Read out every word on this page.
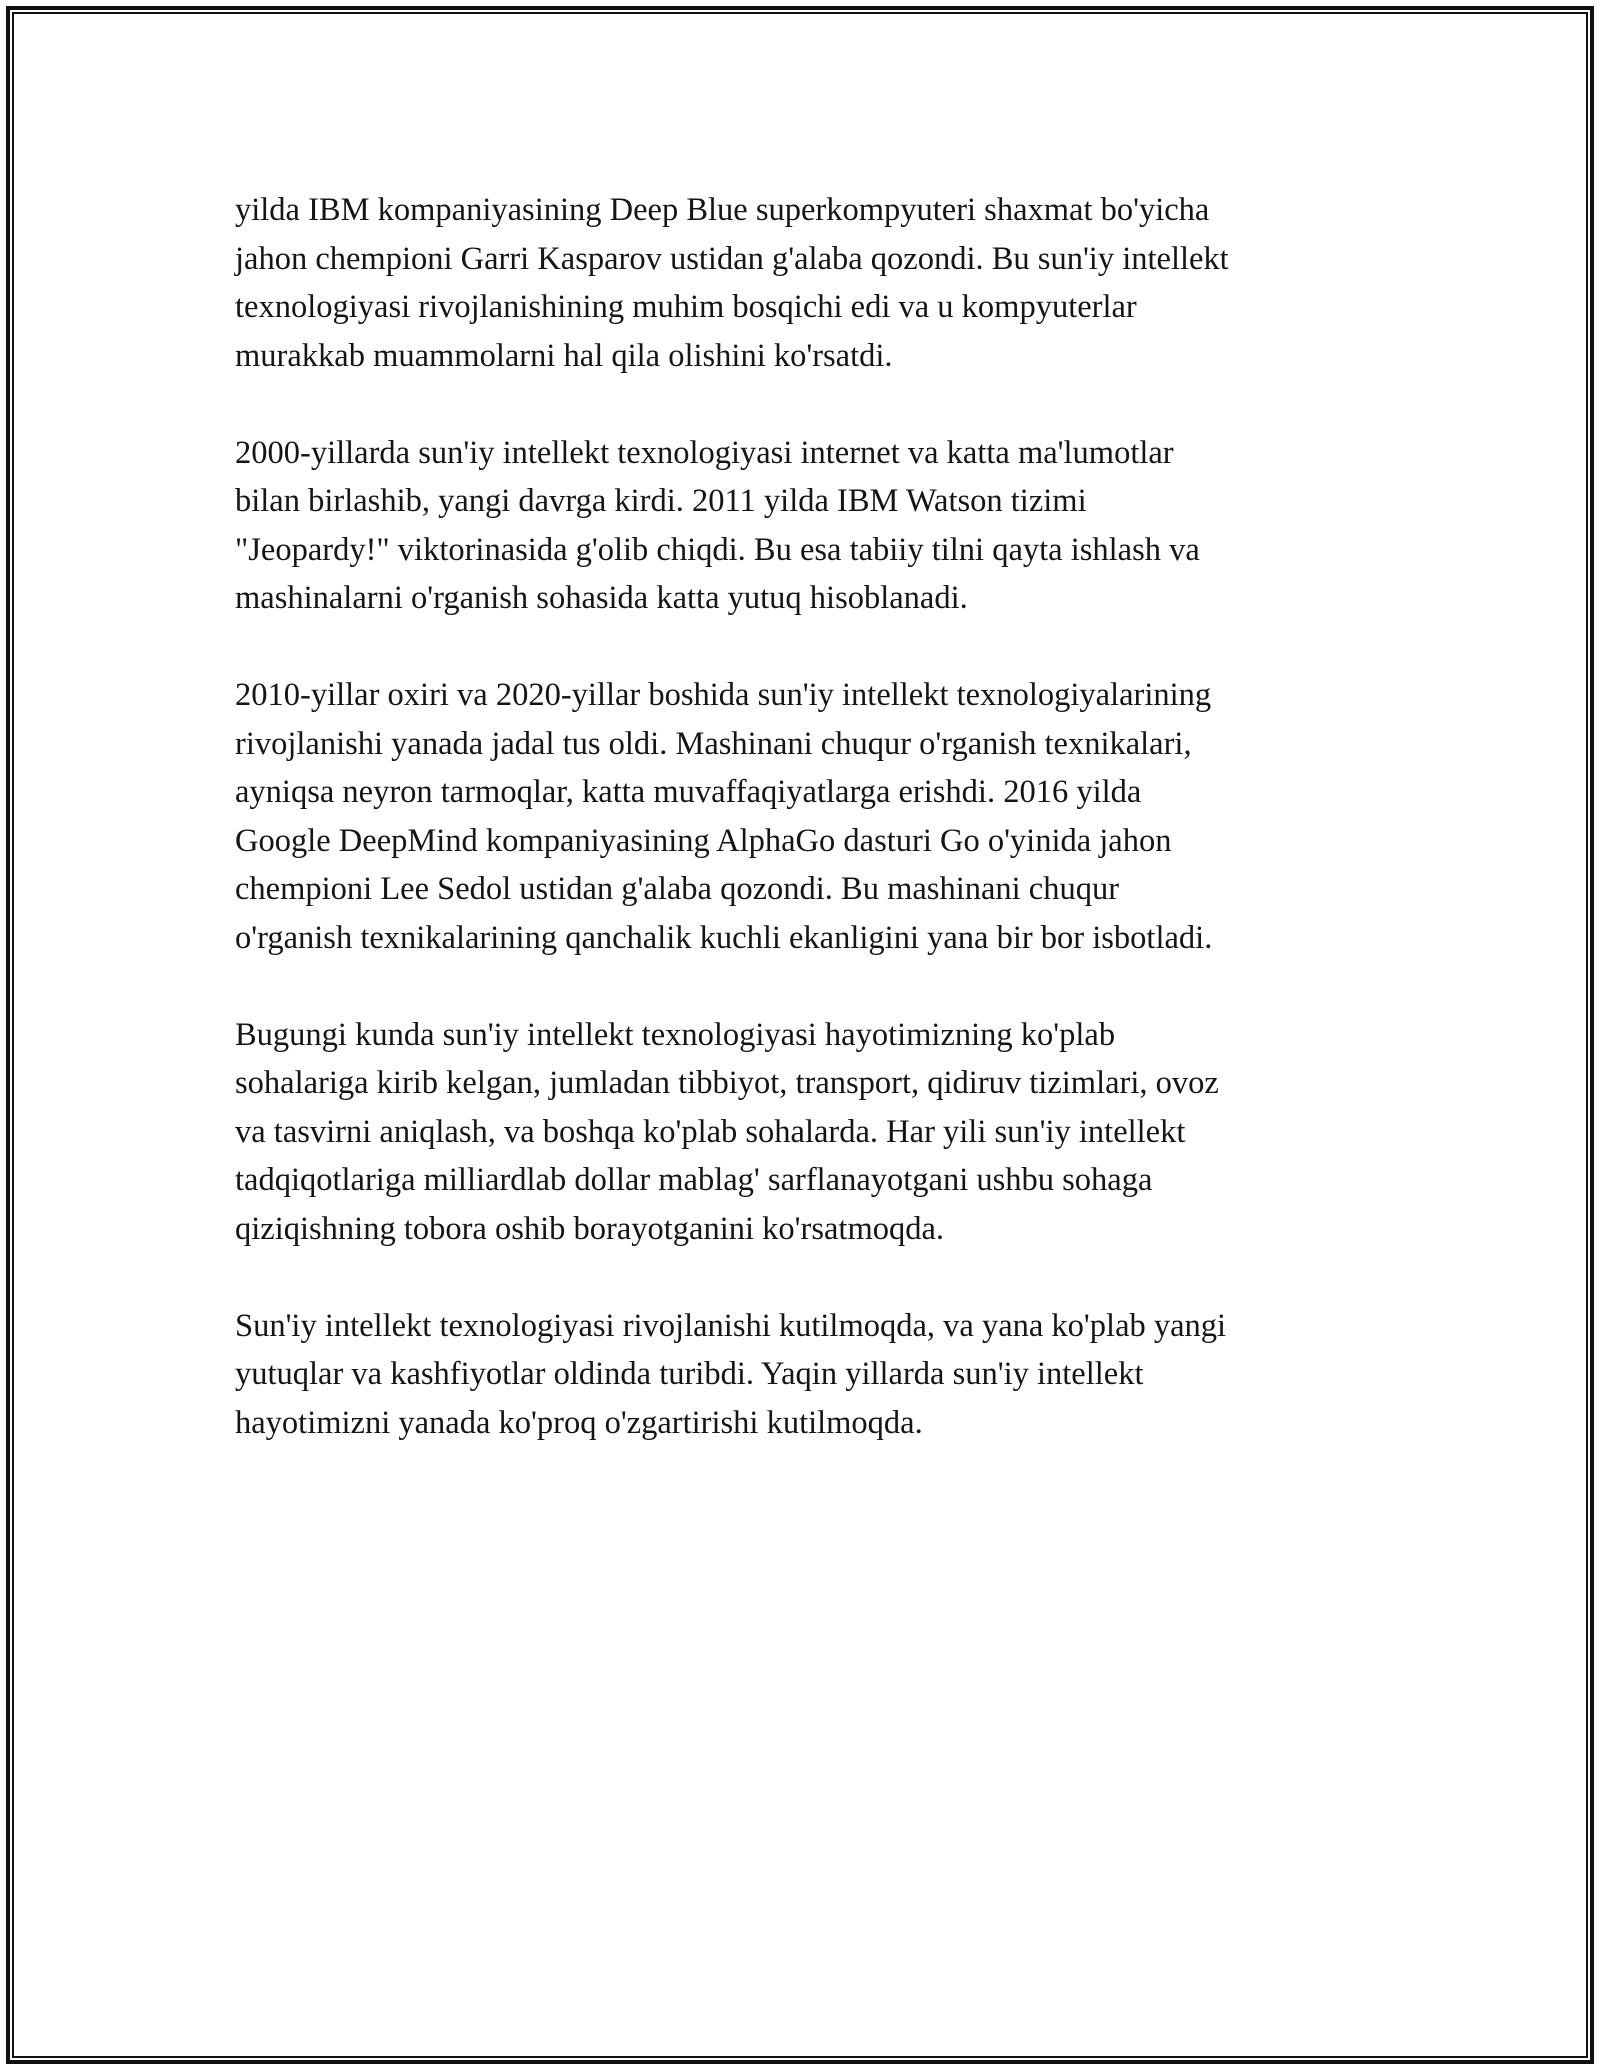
yilda IBM kompaniyasining Deep Blue superkompyuteri shaxmat bo'yicha
jahon chempioni Garri Kasparov ustidan g'alaba qozondi. Bu sun'iy intellekt
texnologiyasi rivojlanishining muhim bosqichi edi va u kompyuterlar
murakkab muammolarni hal qila olishini ko'rsatdi.

2000-yillarda sun'iy intellekt texnologiyasi internet va katta ma'lumotlar
bilan birlashib, yangi davrga kirdi. 2011 yilda IBM Watson tizimi
"Jeopardy!" viktorinasida g'olib chiqdi. Bu esa tabiiy tilni qayta ishlash va
mashinalarni o'rganish sohasida katta yutuq hisoblanadi.

2010-yillar oxiri va 2020-yillar boshida sun'iy intellekt texnologiyalarining
rivojlanishi yanada jadal tus oldi. Mashinani chuqur o'rganish texnikalari,
ayniqsa neyron tarmoqlar, katta muvaffaqiyatlarga erishdi. 2016 yilda
Google DeepMind kompaniyasining AlphaGo dasturi Go o'yinida jahon
chempioni Lee Sedol ustidan g'alaba qozondi. Bu mashinani chuqur
o'rganish texnikalarining qanchalik kuchli ekanligini yana bir bor isbotladi.

Bugungi kunda sun'iy intellekt texnologiyasi hayotimizning ko'plab
sohalariga kirib kelgan, jumladan tibbiyot, transport, qidiruv tizimlari, ovoz
va tasvirni aniqlash, va boshqa ko'plab sohalarda. Har yili sun'iy intellekt
tadqiqotlariga milliardlab dollar mablag' sarflanayotgani ushbu sohaga
qiziqishning tobora oshib borayotganini ko'rsatmoqda.

Sun'iy intellekt texnologiyasi rivojlanishi kutilmoqda, va yana ko'plab yangi
yutuqlar va kashfiyotlar oldinda turibdi. Yaqin yillarda sun'iy intellekt
hayotimizni yanada ko'proq o'zgartirishi kutilmoqda.
